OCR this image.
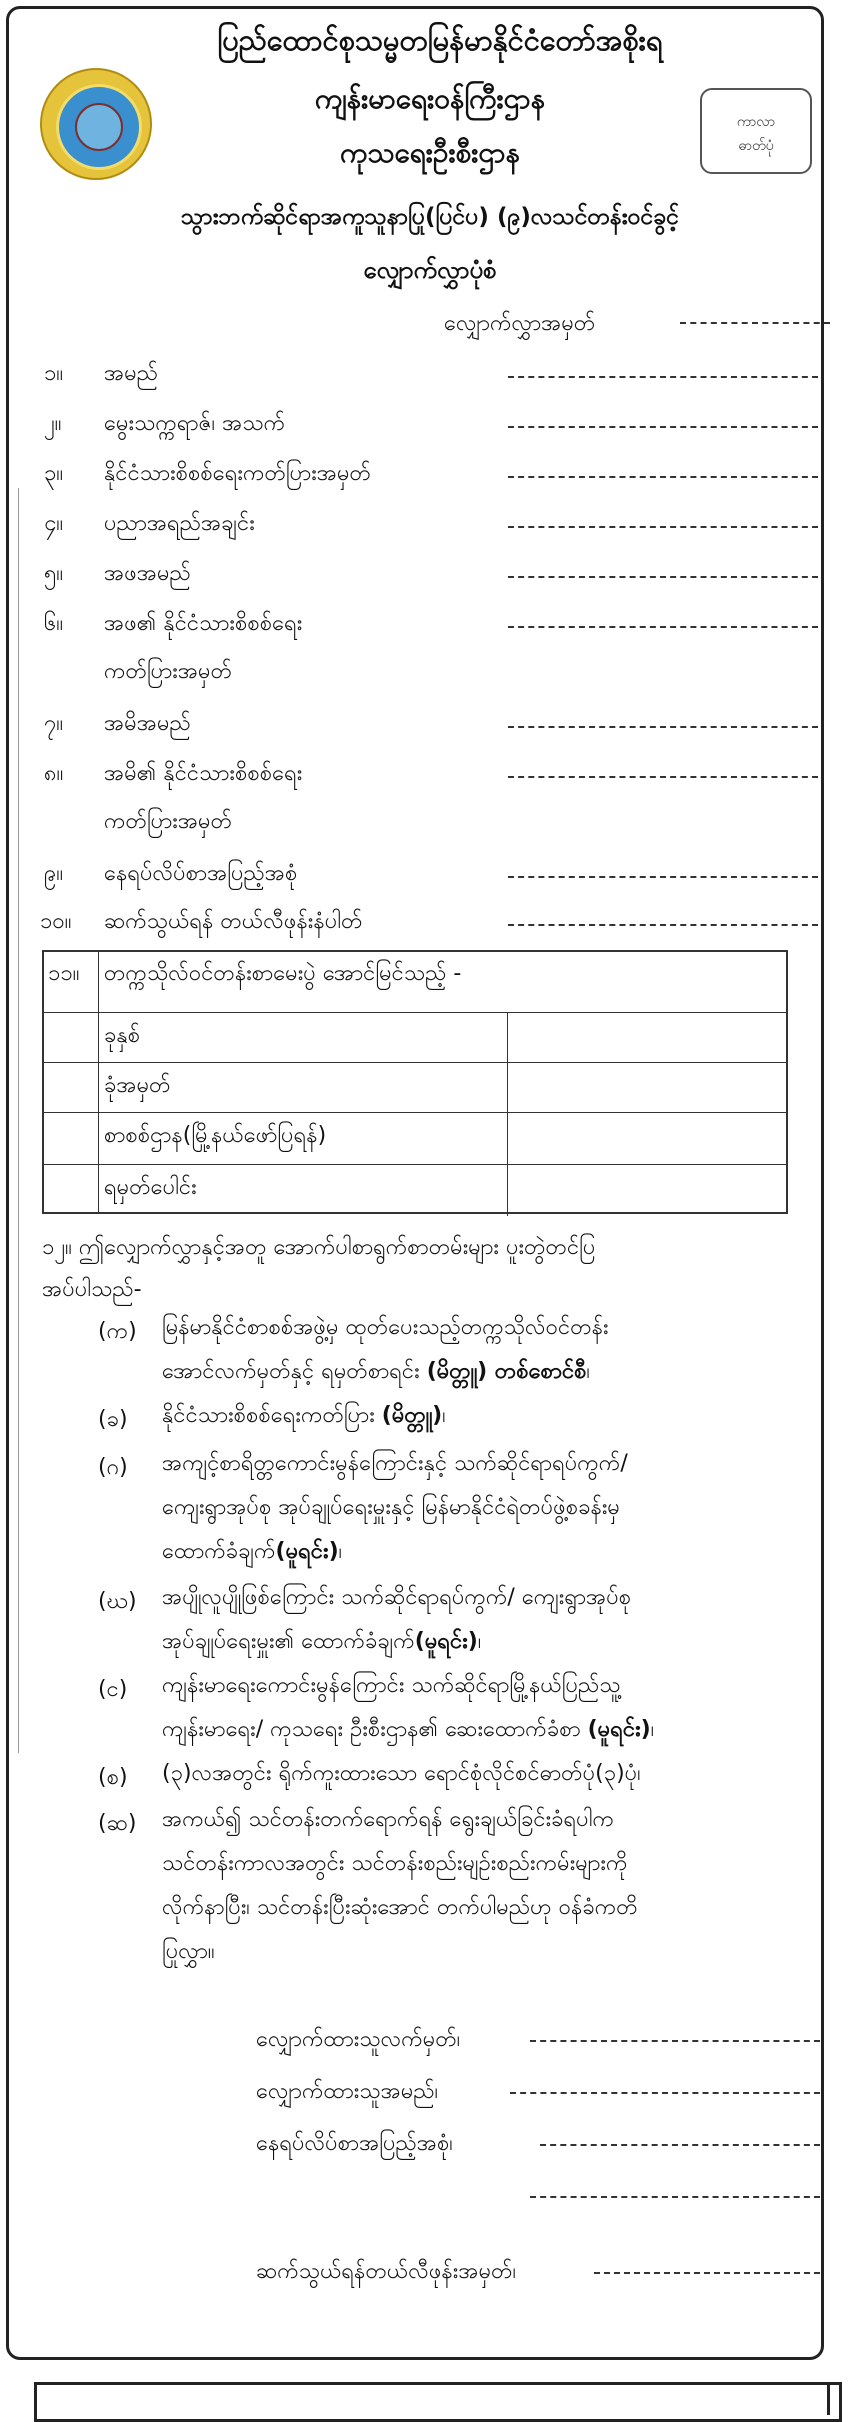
ကာလာ
ဓာတ်ပုံ
ပြည်ထောင်စုသမ္မတမြန်မာနိုင်ငံတော်အစိုးရ
ကျန်းမာရေးဝန်ကြီးဌာန
ကုသရေးဦးစီးဌာန
သွားဘက်ဆိုင်ရာအကူသူနာပြု(ပြင်ပ) (၉)လသင်တန်းဝင်ခွင့်
လျှောက်လွှာပုံစံ
လျှောက်လွှာအမှတ်
၁။ အမည်
၂။ မွေးသက္ကရာဇ်၊ အသက်
၃။ နိုင်ငံသားစိစစ်ရေးကတ်ပြားအမှတ်
၄။ ပညာအရည်အချင်း
၅။ အဖအမည်
၆။ အဖ၏ နိုင်ငံသားစိစစ်ရေး
ကတ်ပြားအမှတ်
၇။ အမိအမည်
၈။ အမိ၏ နိုင်ငံသားစိစစ်ရေး
ကတ်ပြားအမှတ်
၉။ နေရပ်လိပ်စာအပြည့်အစုံ
၁၀။ ဆက်သွယ်ရန် တယ်လီဖုန်းနံပါတ်
၁၁။ တက္ကသိုလ်ဝင်တန်းစာမေးပွဲ အောင်မြင်သည့် -
ခုနှစ်
ခုံအမှတ်
စာစစ်ဌာန(မြို့နယ်ဖော်ပြရန်)
ရမှတ်ပေါင်း
၁၂။ ဤလျှောက်လွှာနှင့်အတူ အောက်ပါစာရွက်စာတမ်းများ ပူးတွဲတင်ပြ
အပ်ပါသည်-
(က) မြန်မာနိုင်ငံစာစစ်အဖွဲ့မှ ထုတ်ပေးသည့်တက္ကသိုလ်ဝင်တန်း
အောင်လက်မှတ်နှင့် ရမှတ်စာရင်း (မိတ္တူ) တစ်စောင်စီ၊
(ခ) နိုင်ငံသားစိစစ်ရေးကတ်ပြား (မိတ္တူ)၊
(ဂ) အကျင့်စာရိတ္တကောင်းမွန်ကြောင်းနှင့် သက်ဆိုင်ရာရပ်ကွက်/
ကျေးရွာအုပ်စု အုပ်ချုပ်ရေးမှူးနှင့် မြန်မာနိုင်ငံရဲတပ်ဖွဲ့စခန်းမှ
ထောက်ခံချက်(မူရင်း)၊
(ဃ) အပျိုလူပျိုဖြစ်ကြောင်း သက်ဆိုင်ရာရပ်ကွက်/ ကျေးရွာအုပ်စု
အုပ်ချုပ်ရေးမှူး၏ ထောက်ခံချက်(မူရင်း)၊
(င) ကျန်းမာရေးကောင်းမွန်ကြောင်း သက်ဆိုင်ရာမြို့နယ်ပြည်သူ့
ကျန်းမာရေး/ ကုသရေး ဦးစီးဌာန၏ ဆေးထောက်ခံစာ (မူရင်း)၊
(စ) (၃)လအတွင်း ရိုက်ကူးထားသော ရောင်စုံလိုင်စင်ဓာတ်ပုံ(၃)ပုံ၊
(ဆ) အကယ်၍ သင်တန်းတက်ရောက်ရန် ရွေးချယ်ခြင်းခံရပါက
သင်တန်းကာလအတွင်း သင်တန်းစည်းမျဉ်းစည်းကမ်းများကို
လိုက်နာပြီး၊ သင်တန်းပြီးဆုံးအောင် တက်ပါမည်ဟု ဝန်ခံကတိ
ပြုလွှာ။
လျှောက်ထားသူလက်မှတ်၊
လျှောက်ထားသူအမည်၊
နေရပ်လိပ်စာအပြည့်အစုံ၊
ဆက်သွယ်ရန်တယ်လီဖုန်းအမှတ်၊
